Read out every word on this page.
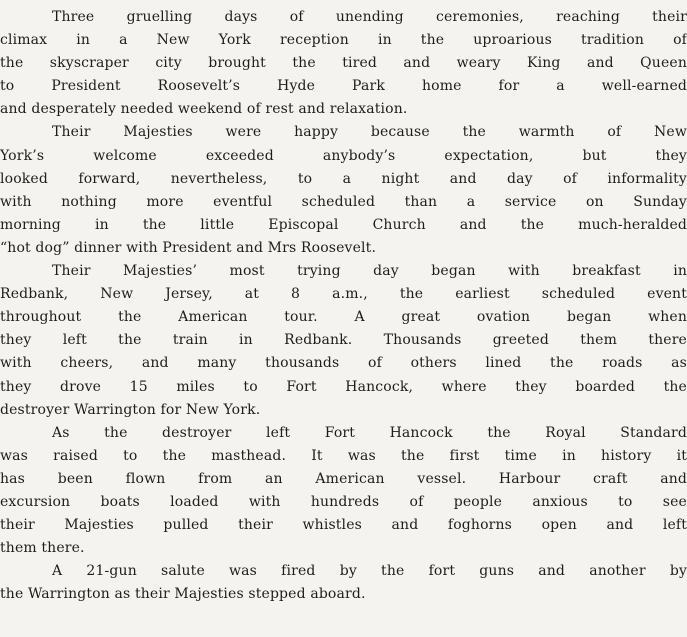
Three gruelling days of unending ceremonies, reaching their
climax in a New York reception in the uproarious tradition of
the skyscraper city brought the tired and weary King and Queen
to President Roosevelt’s Hyde Park home for a well-earned
and desperately needed weekend of rest and relaxation.
Their Majesties were happy because the warmth of New
York’s welcome exceeded anybody’s expectation, but they
looked forward, nevertheless, to a night and day of informality
with nothing more eventful scheduled than a service on Sunday
morning in the little Episcopal Church and the much-heralded
“hot dog” dinner with President and Mrs Roosevelt.
Their Majesties’ most trying day began with breakfast in
Redbank, New Jersey, at 8 a.m., the earliest scheduled event
throughout the American tour. A great ovation began when
they left the train in Redbank. Thousands greeted them there
with cheers, and many thousands of others lined the roads as
they drove 15 miles to Fort Hancock, where they boarded the
destroyer Warrington for New York.
As the destroyer left Fort Hancock the Royal Standard
was raised to the masthead. It was the first time in history it
has been flown from an American vessel. Harbour craft and
excursion boats loaded with hundreds of people anxious to see
their Majesties pulled their whistles and foghorns open and left
them there.
A 21-gun salute was fired by the fort guns and another by
the Warrington as their Majesties stepped aboard.
